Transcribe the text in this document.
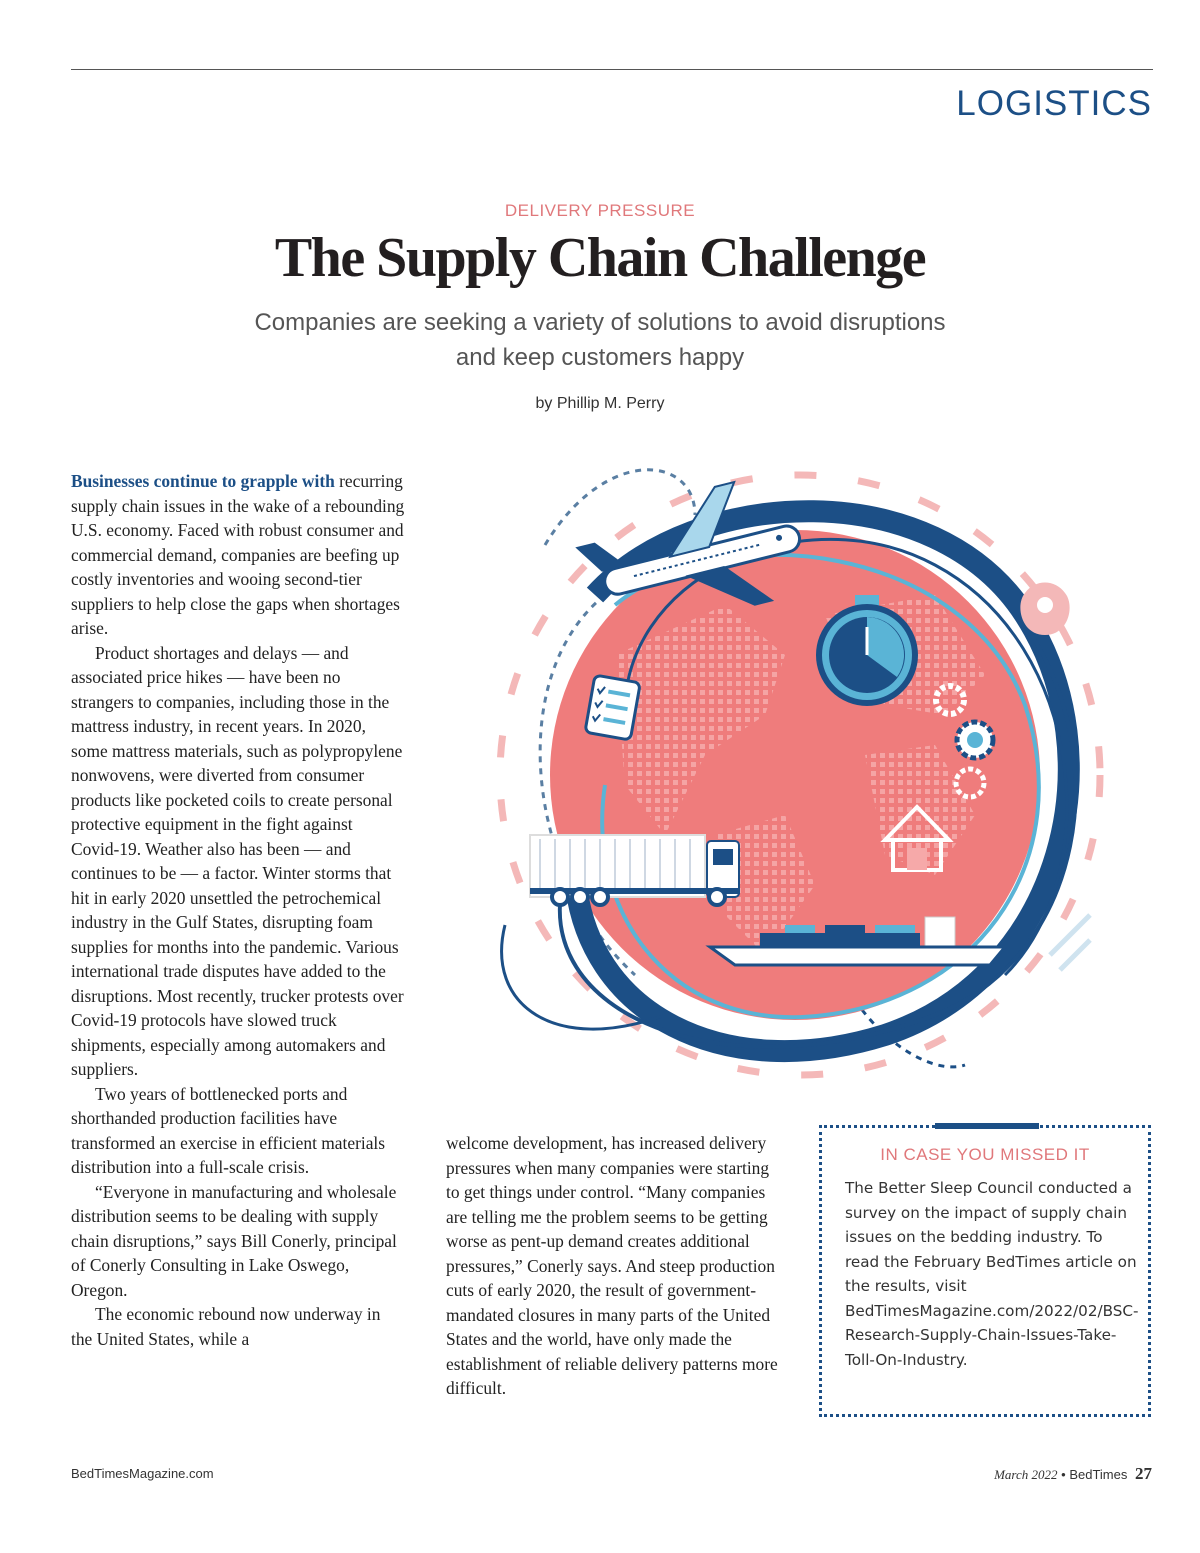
LOGISTICS
DELIVERY PRESSURE
The Supply Chain Challenge
Companies are seeking a variety of solutions to avoid disruptions
and keep customers happy
by Phillip M. Perry

Businesses continue to grapple with recurring supply chain issues in the wake of a rebounding U.S. economy. Faced with robust consumer and commercial demand, companies are beefing up costly inventories and wooing second-tier suppliers to help close the gaps when shortages arise.

Product shortages and delays — and associated price hikes — have been no strangers to companies, including those in the mattress industry, in recent years. In 2020, some mattress materials, such as polypropylene nonwovens, were diverted from consumer products like pocketed coils to create personal protective equipment in the fight against Covid-19. Weather also has been — and continues to be — a factor. Winter storms that hit in early 2020 unsettled the petrochemical industry in the Gulf States, disrupting foam supplies for months into the pandemic. Various international trade disputes have added to the disruptions. Most recently, trucker protests over Covid-19 protocols have slowed truck shipments, especially among automakers and suppliers.

Two years of bottlenecked ports and shorthanded production facilities have transformed an exercise in efficient materials distribution into a full-scale crisis.

“Everyone in manufacturing and wholesale distribution seems to be dealing with supply chain disruptions,” says Bill Conerly, principal of Conerly Consulting in Lake Oswego, Oregon.

The economic rebound now underway in the United States, while a

welcome development, has increased delivery pressures when many companies were starting to get things under control. “Many companies are telling me the problem seems to be getting worse as pent-up demand creates additional pressures,” Conerly says. And steep production cuts of early 2020, the result of government-mandated closures in many parts of the United States and the world, have only made the establishment of reliable delivery patterns more difficult.

IN CASE YOU MISSED IT
The Better Sleep Council conducted a survey on the impact of supply chain issues on the bedding industry. To read the February BedTimes article on the results, visit BedTimesMagazine.com/2022/02/BSC-Research-Supply-Chain-Issues-Take-Toll-On-Industry.
BedTimesMagazine.com	March 2022 • BedTimes 27
